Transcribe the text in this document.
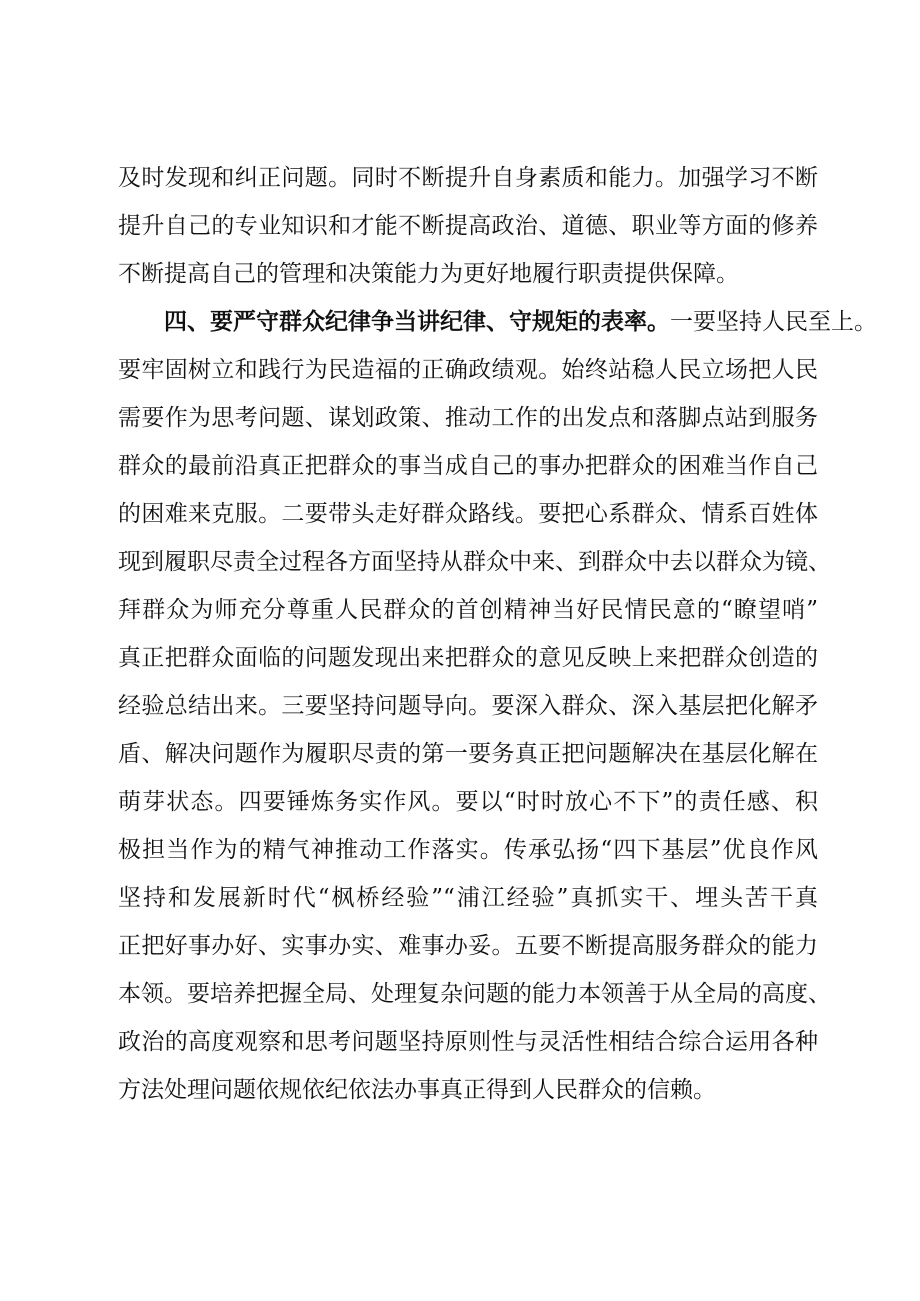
及时发现和纠正问题。同时不断提升自身素质和能力。加强学习不断
提升自己的专业知识和才能不断提高政治、道德、职业等方面的修养
不断提高自己的管理和决策能力为更好地履行职责提供保障。
四、要严守群众纪律争当讲纪律、守规矩的表率。一要坚持人民至上。
要牢固树立和践行为民造福的正确政绩观。始终站稳人民立场把人民
需要作为思考问题、谋划政策、推动工作的出发点和落脚点站到服务
群众的最前沿真正把群众的事当成自己的事办把群众的困难当作自己
的困难来克服。二要带头走好群众路线。要把心系群众、情系百姓体
现到履职尽责全过程各方面坚持从群众中来、到群众中去以群众为镜、
拜群众为师充分尊重人民群众的首创精神当好民情民意的“瞭望哨”
真正把群众面临的问题发现出来把群众的意见反映上来把群众创造的
经验总结出来。三要坚持问题导向。要深入群众、深入基层把化解矛
盾、解决问题作为履职尽责的第一要务真正把问题解决在基层化解在
萌芽状态。四要锤炼务实作风。要以“时时放心不下”的责任感、积
极担当作为的精气神推动工作落实。传承弘扬“四下基层”优良作风
坚持和发展新时代“枫桥经验”“浦江经验”真抓实干、埋头苦干真
正把好事办好、实事办实、难事办妥。五要不断提高服务群众的能力
本领。要培养把握全局、处理复杂问题的能力本领善于从全局的高度、
政治的高度观察和思考问题坚持原则性与灵活性相结合综合运用各种
方法处理问题依规依纪依法办事真正得到人民群众的信赖。
